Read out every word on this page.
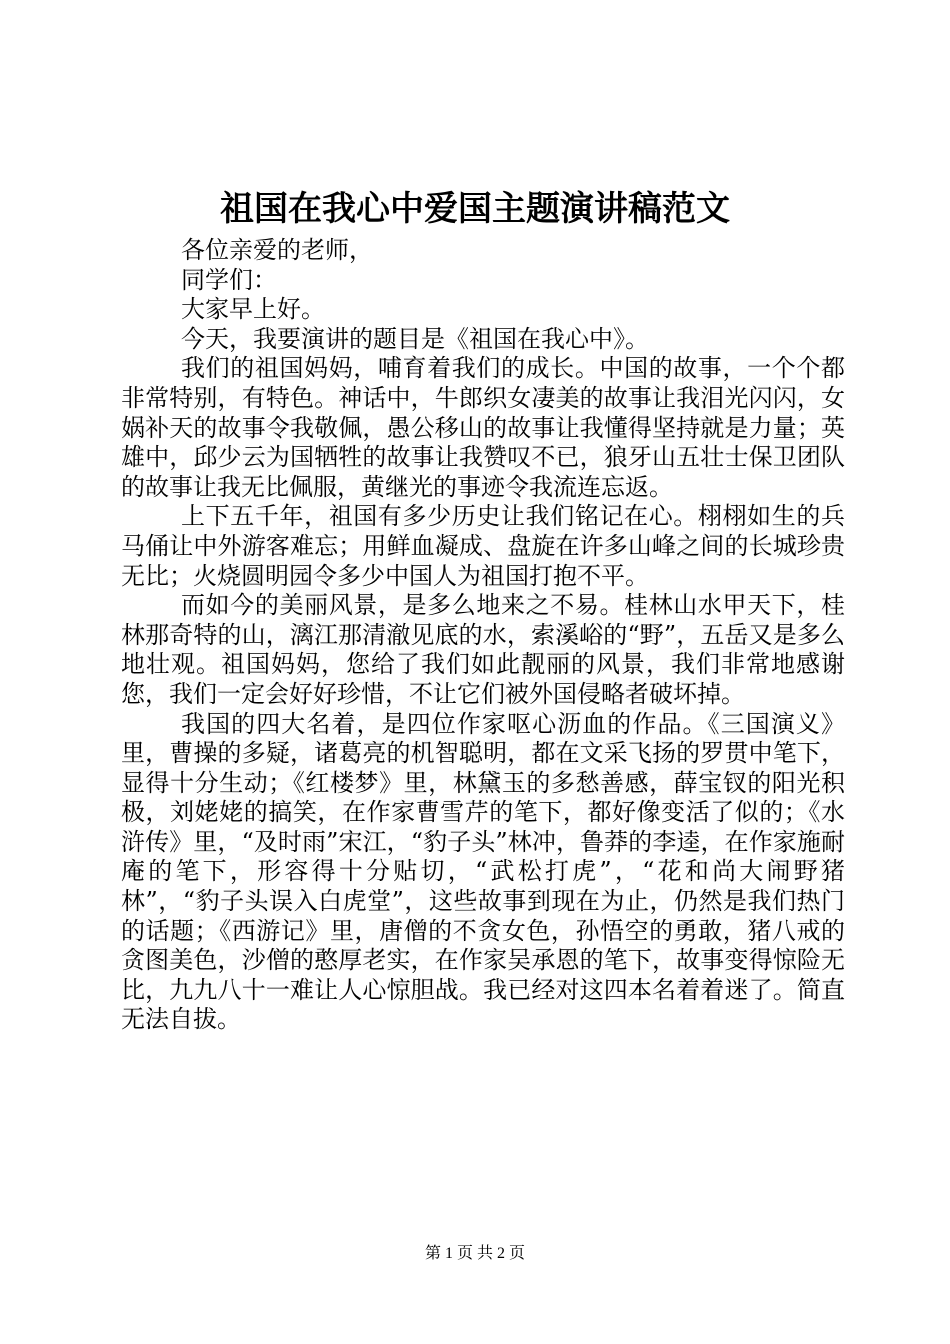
祖国在我心中爱国主题演讲稿范文

各位亲爱的老师，

同学们：

大家早上好。

今天，我要演讲的题目是《祖国在我心中》。

我们的祖国妈妈，哺育着我们的成长。中国的故事，一个个都非常特别，有特色。神话中，牛郎织女凄美的故事让我泪光闪闪，女娲补天的故事令我敬佩，愚公移山的故事让我懂得坚持就是力量；英雄中，邱少云为国牺牲的故事让我赞叹不已，狼牙山五壮士保卫团队的故事让我无比佩服，黄继光的事迹令我流连忘返。

上下五千年，祖国有多少历史让我们铭记在心。栩栩如生的兵马俑让中外游客难忘；用鲜血凝成、盘旋在许多山峰之间的长城珍贵无比；火烧圆明园令多少中国人为祖国打抱不平。

而如今的美丽风景，是多么地来之不易。桂林山水甲天下，桂林那奇特的山，漓江那清澈见底的水，索溪峪的“野”，五岳又是多么地壮观。祖国妈妈，您给了我们如此靓丽的风景，我们非常地感谢您，我们一定会好好珍惜，不让它们被外国侵略者破坏掉。

我国的四大名着，是四位作家呕心沥血的作品。《三国演义》里，曹操的多疑，诸葛亮的机智聪明，都在文采飞扬的罗贯中笔下，显得十分生动；《红楼梦》里，林黛玉的多愁善感，薛宝钗的阳光积极，刘姥姥的搞笑，在作家曹雪芹的笔下，都好像变活了似的；《水浒传》里，“及时雨”宋江，“豹子头”林冲，鲁莽的李逵，在作家施耐庵的笔下，形容得十分贴切，“武松打虎”，“花和尚大闹野猪林”，“豹子头误入白虎堂”，这些故事到现在为止，仍然是我们热门的话题；《西游记》里，唐僧的不贪女色，孙悟空的勇敢，猪八戒的贪图美色，沙僧的憨厚老实，在作家吴承恩的笔下，故事变得惊险无比，九九八十一难让人心惊胆战。我已经对这四本名着着迷了。简直无法自拔。

第 1 页 共 2 页
